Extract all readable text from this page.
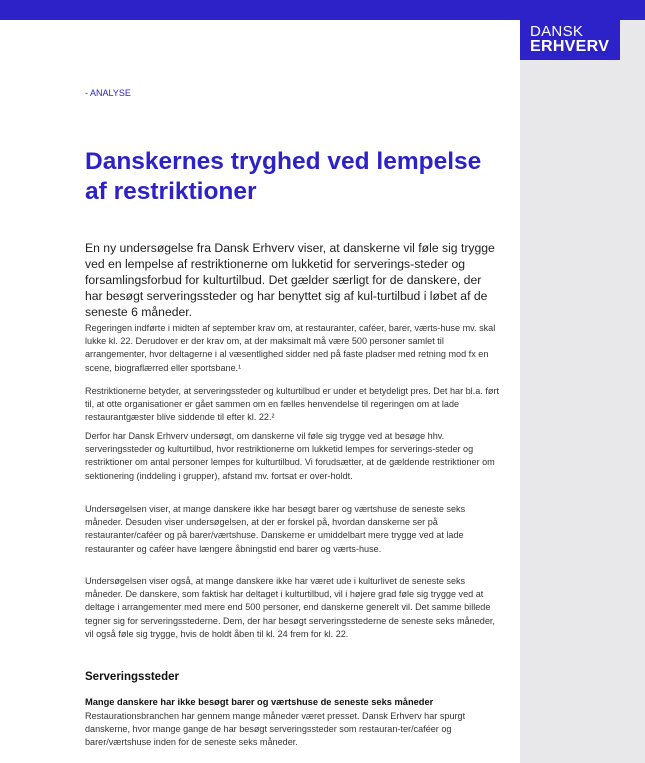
DANSK
ERHVERV
- ANALYSE
Danskernes tryghed ved lempelse af restriktioner

En ny undersøgelse fra Dansk Erhverv viser, at danskerne vil føle sig trygge ved en lempelse af restriktionerne om lukketid for serverings-steder og forsamlingsforbud for kulturtilbud. Det gælder særligt for de danskere, der har besøgt serveringssteder og har benyttet sig af kul-turtilbud i løbet af de seneste 6 måneder.

Regeringen indførte i midten af september krav om, at restauranter, caféer, barer, værts-huse mv. skal lukke kl. 22. Derudover er der krav om, at der maksimalt må være 500 personer samlet til arrangementer, hvor deltagerne i al væsentlighed sidder ned på faste pladser med retning mod fx en scene, biograflærred eller sportsbane.¹

Restriktionerne betyder, at serveringssteder og kulturtilbud er under et betydeligt pres. Det har bl.a. ført til, at otte organisationer er gået sammen om en fælles henvendelse til regeringen om at lade restaurantgæster blive siddende til efter kl. 22.²

Derfor har Dansk Erhverv undersøgt, om danskerne vil føle sig trygge ved at besøge hhv. serveringssteder og kulturtilbud, hvor restriktionerne om lukketid lempes for serverings-steder og restriktioner om antal personer lempes for kulturtilbud. Vi forudsætter, at de gældende restriktioner om sektionering (inddeling i grupper), afstand mv. fortsat er over-holdt.

Undersøgelsen viser, at mange danskere ikke har besøgt barer og værtshuse de seneste seks måneder. Desuden viser undersøgelsen, at der er forskel på, hvordan danskerne ser på restauranter/caféer og på barer/værtshuse. Danskerne er umiddelbart mere trygge ved at lade restauranter og caféer have længere åbningstid end barer og værts-huse.

Undersøgelsen viser også, at mange danskere ikke har været ude i kulturlivet de seneste seks måneder. De danskere, som faktisk har deltaget i kulturtilbud, vil i højere grad føle sig trygge ved at deltage i arrangementer med mere end 500 personer, end danskerne generelt vil. Det samme billede tegner sig for serveringsstederne. Dem, der har besøgt serveringsstederne de seneste seks måneder, vil også føle sig trygge, hvis de holdt åben til kl. 24 frem for kl. 22.

Serveringssteder

Mange danskere har ikke besøgt barer og værtshuse de seneste seks måneder

Restaurationsbranchen har gennem mange måneder været presset. Dansk Erhverv har spurgt danskerne, hvor mange gange de har besøgt serveringssteder som restauran-ter/caféer og barer/værtshuse inden for de seneste seks måneder.
